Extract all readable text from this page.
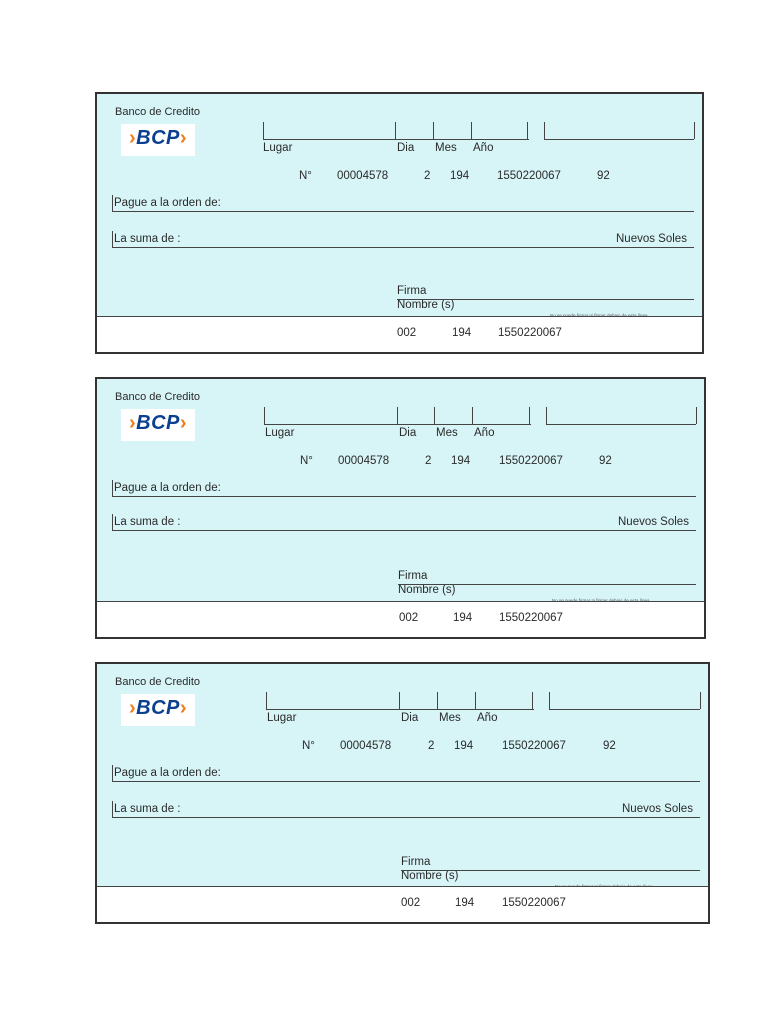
Banco de Credito
›BCP›	Lugar	Dia Mes Año
N° 00004578	2 194 1550220067	92
Pague a la orden de:
La suma de :	Nuevos Soles
Firma
Nombre (s)
002	194 1550220067
Banco de Credito
›BCP›	Lugar	Dia Mes Año
N° 00004578	2 194	1550220067	92
Pague a la orden de:
La suma de :	Nuevos Soles
Firma
Nombre (s)
002	194 1550220067
Banco de Credito
›BCP›	Lugar	Dia Mes Año
N° 00004578	2 194	1550220067	92
Pague a la orden de:
La suma de :	Nuevos Soles
Firma
Nombre (s)
002	194 1550220067
